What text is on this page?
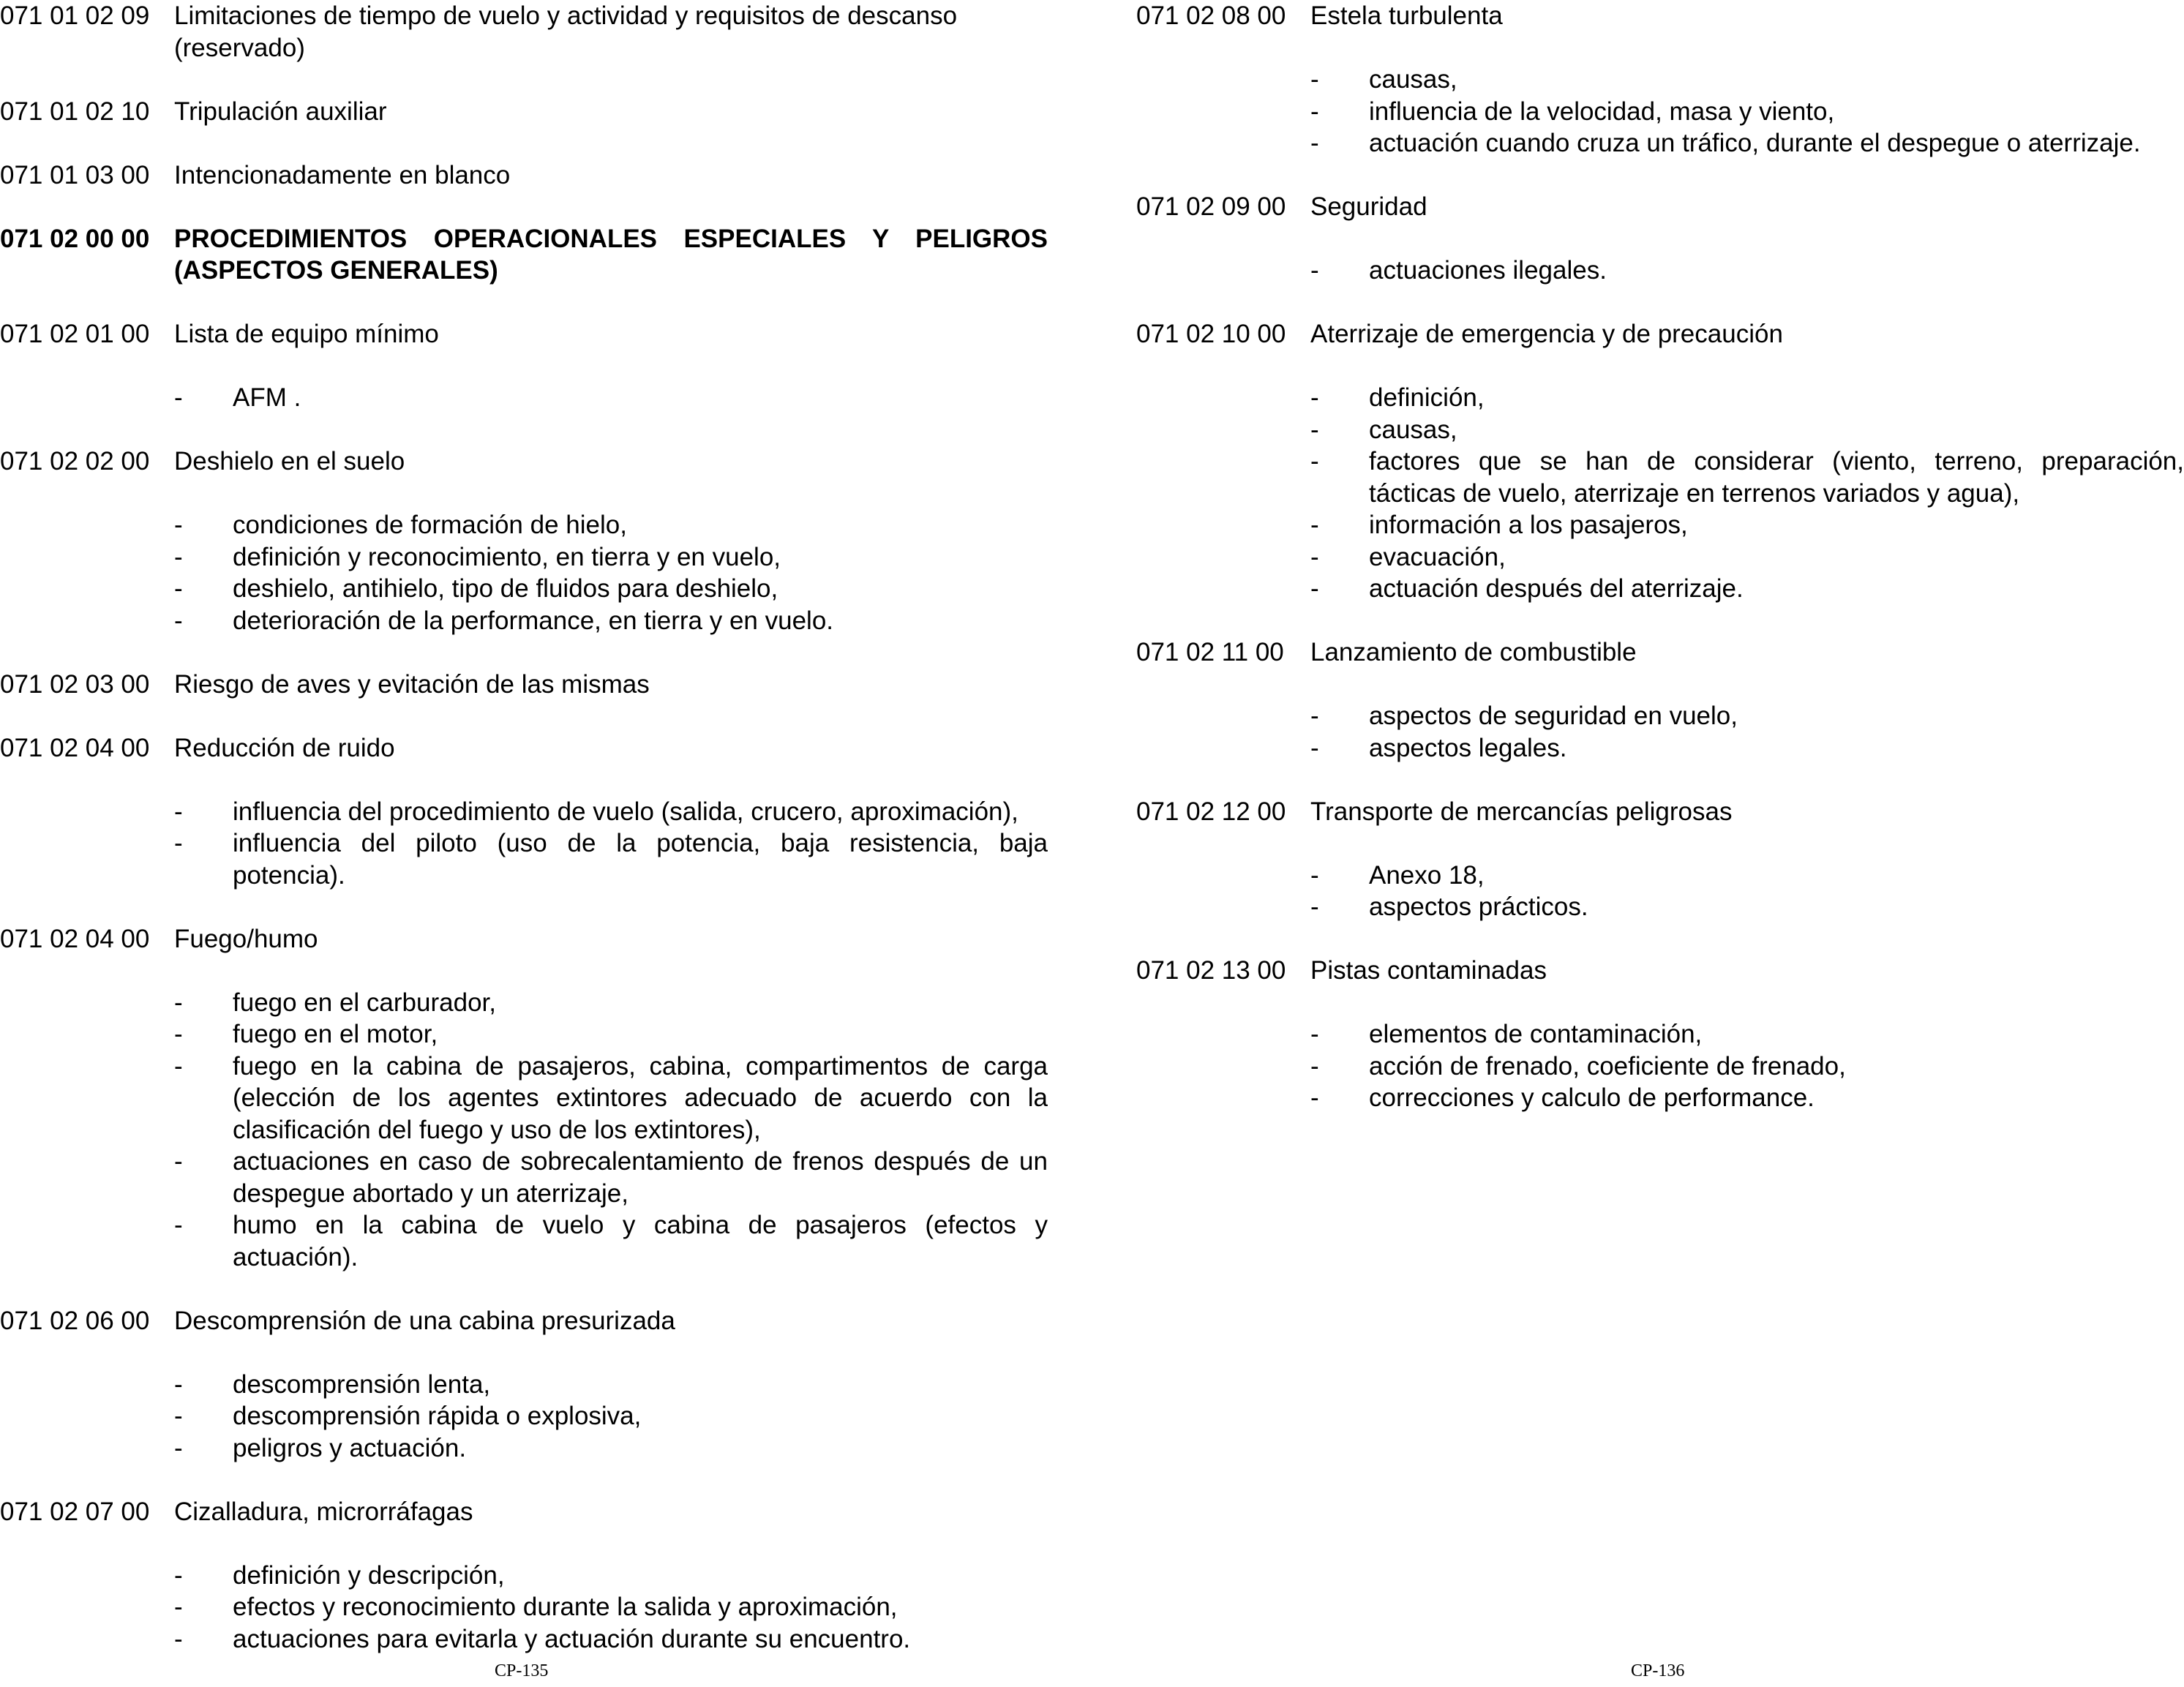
071 01 02 09 Limitaciones de tiempo de vuelo y actividad y requisitos de descanso (reservado)
071 01 02 10 Tripulación auxiliar
071 01 03 00 Intencionadamente en blanco
071 02 00 00 PROCEDIMIENTOS OPERACIONALES ESPECIALES Y PELIGROS (ASPECTOS GENERALES)
071 02 01 00 Lista de equipo mínimo
-	AFM .
071 02 02 00 Deshielo en el suelo
-	condiciones de formación de hielo,
-	definición y reconocimiento, en tierra y en vuelo,
-	deshielo, antihielo, tipo de fluidos para deshielo,
-	deterioración de la performance, en tierra y en vuelo.
071 02 03 00 Riesgo de aves y evitación de las mismas
071 02 04 00 Reducción de ruido
-	influencia del procedimiento de vuelo (salida, crucero, aproximación),
-	influencia del piloto (uso de la potencia, baja resistencia, baja potencia).
071 02 04 00 Fuego/humo
-	fuego en el carburador,
-	fuego en el motor,
-	fuego en la cabina de pasajeros, cabina, compartimentos de carga (elección de los agentes extintores adecuado de acuerdo con la clasificación del fuego y uso de los extintores),
-	actuaciones en caso de sobrecalentamiento de frenos después de un despegue abortado y un aterrizaje,
-	humo en la cabina de vuelo y cabina de pasajeros (efectos y actuación).
071 02 06 00 Descomprensión de una cabina presurizada
-	descomprensión lenta,
-	descomprensión rápida o explosiva,
-	peligros y actuación.
071 02 07 00 Cizalladura, microrráfagas
-	definición y descripción,
-	efectos y reconocimiento durante la salida y aproximación,
-	actuaciones para evitarla y actuación durante su encuentro.
071 02 08 00 Estela turbulenta
-	causas,
-	influencia de la velocidad, masa y viento,
-	actuación cuando cruza un tráfico, durante el despegue o aterrizaje.
071 02 09 00 Seguridad
-	actuaciones ilegales.
071 02 10 00 Aterrizaje de emergencia y de precaución
-	definición,
-	causas,
-	factores que se han de considerar (viento, terreno, preparación, tácticas de vuelo, aterrizaje en terrenos variados y agua),
-	información a los pasajeros,
-	evacuación,
-	actuación después del aterrizaje.
071 02 11 00	Lanzamiento de combustible
-	aspectos de seguridad en vuelo,
-	aspectos legales.
071 02 12 00 Transporte de mercancías peligrosas
-	Anexo 18,
-	aspectos prácticos.
071 02 13 00 Pistas contaminadas
-	elementos de contaminación,
-	acción de frenado, coeficiente de frenado,
-	correcciones y calculo de performance.
CP-135	CP-136
